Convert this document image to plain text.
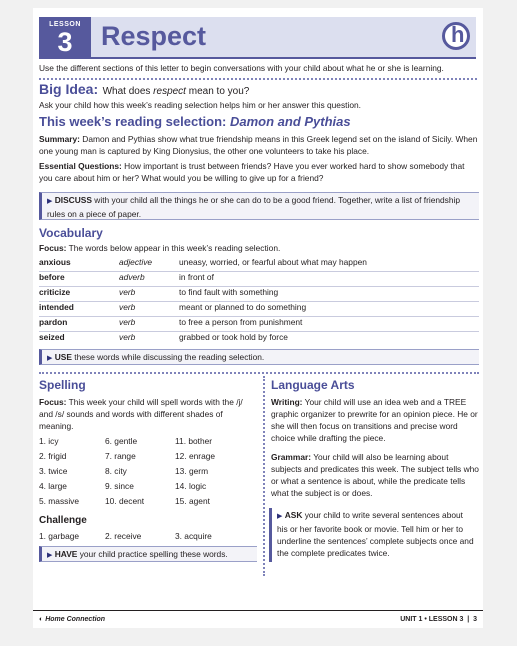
LESSON
3	Respect
h
Use the different sections of this letter to begin conversations with your child about what he or she is learning.
Big Idea: What does respect mean to you?
Ask your child how this week’s reading selection helps him or her answer this question.
This week’s reading selection: Damon and Pythias
Summary: Damon and Pythias show what true friendship means in this Greek legend set on the island of Sicily. When one young man is captured by King Dionysius, the other one volunteers to take his place.
Essential Questions: How important is trust between friends? Have you ever worked hard to show somebody that you care about him or her? What would you be willing to give up for a friend?
▶ DISCUSS with your child all the things he or she can do to be a good friend. Together, write a list of friendship rules on a piece of paper.
Vocabulary
Focus: The words below appear in this week’s reading selection.
anxious	adjective	uneasy, worried, or fearful about what may happen
before	adverb	in front of
criticize	verb	to find fault with something
intended	verb	meant or planned to do something
pardon	verb	to free a person from punishment
seized	verb	grabbed or took hold by force
▶ USE these words while discussing the reading selection.
Spelling
Focus: This week your child will spell words with the /j/ and /s/ sounds and words with different shades of meaning.
1. icy	6. gentle	11. bother
2. frigid	7. range	12. enrage
3. twice	8. city	13. germ
4. large	9. since	14. logic
5. massive	10. decent	15. agent
Challenge
1. garbage	2. receive	3. acquire
▶ HAVE your child practice spelling these words.
Language Arts
Writing: Your child will use an idea web and a TREE graphic organizer to prewrite for an opinion piece. He or she will then focus on transitions and precise word choice while drafting the piece.
Grammar: Your child will also be learning about subjects and predicates this week. The subject tells who or what a sentence is about, while the predicate tells what the subject is or does.
▶ ASK your child to write several sentences about his or her favorite book or movie. Tell him or her to underline the sentences’ complete subjects once and the complete predicates twice.
◐ Home Connection	UNIT 1 • LESSON 3  |  3
